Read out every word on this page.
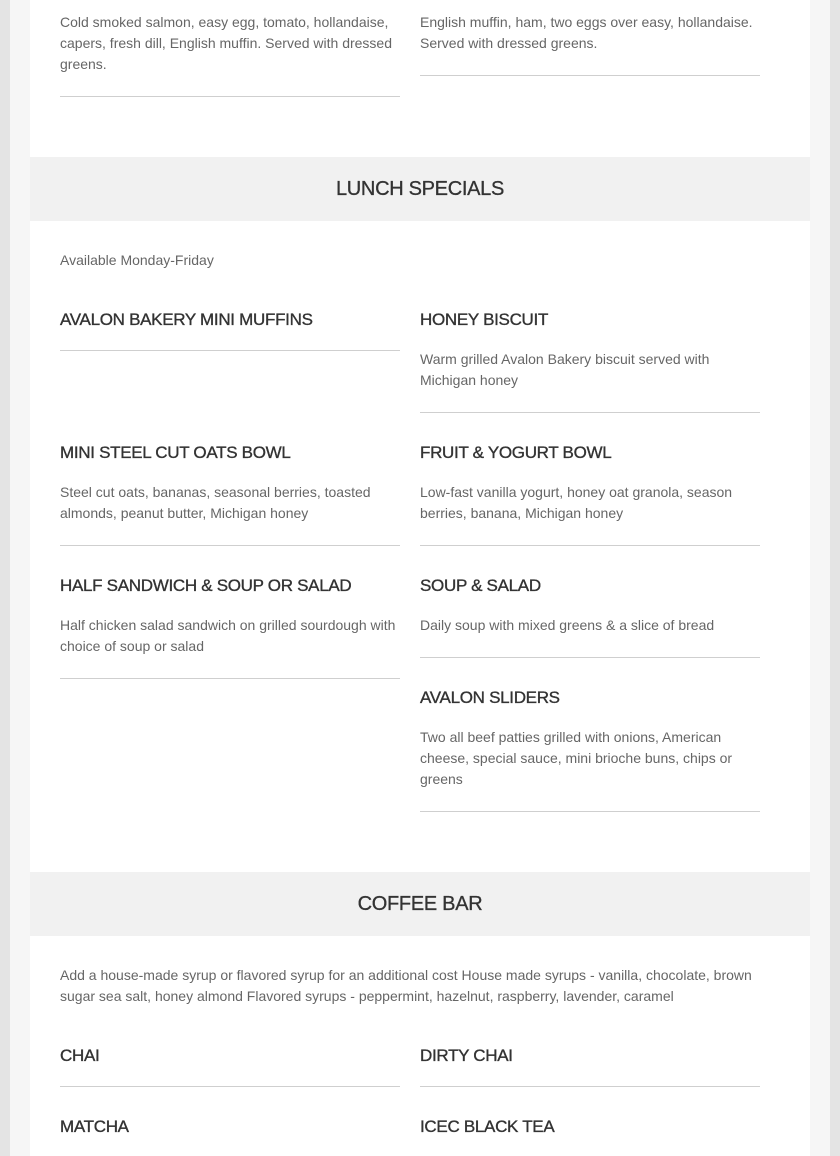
Cold smoked salmon, easy egg, tomato, hollandaise, capers, fresh dill, English muffin. Served with dressed greens.
English muffin, ham, two eggs over easy, hollandaise. Served with dressed greens.
LUNCH SPECIALS
Available Monday-Friday
AVALON BAKERY MINI MUFFINS	HONEY BISCUIT
Warm grilled Avalon Bakery biscuit served with Michigan honey
MINI STEEL CUT OATS BOWL
Steel cut oats, bananas, seasonal berries, toasted almonds, peanut butter, Michigan honey
FRUIT & YOGURT BOWL
Low-fast vanilla yogurt, honey oat granola, season berries, banana, Michigan honey
HALF SANDWICH & SOUP OR SALAD
Half chicken salad sandwich on grilled sourdough with choice of soup or salad
SOUP & SALAD
Daily soup with mixed greens & a slice of bread
AVALON SLIDERS
Two all beef patties grilled with onions, American cheese, special sauce, mini brioche buns, chips or greens
COFFEE BAR
Add a house-made syrup or flavored syrup for an additional cost House made syrups - vanilla, chocolate, brown sugar sea salt, honey almond Flavored syrups - peppermint, hazelnut, raspberry, lavender, caramel
CHAI	DIRTY CHAI
MATCHA	ICEC BLACK TEA
